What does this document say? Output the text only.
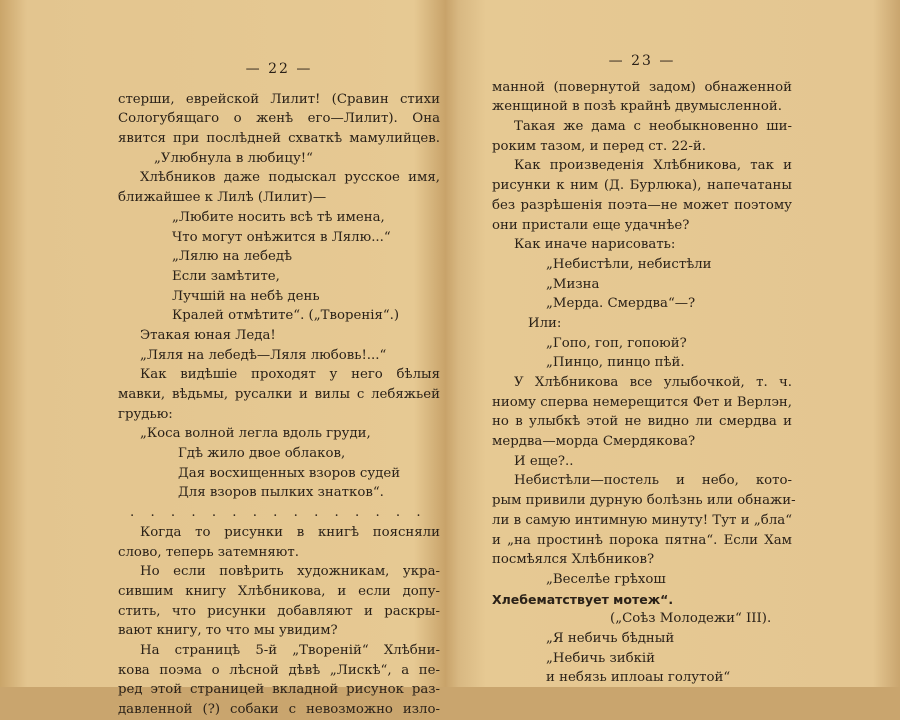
— 22 —
стерши, еврейской Лилит! (Сравин стихи
Сологубящаго о женѣ его—Лилит). Она
явится при послѣдней схваткѣ мамулийцев.
„Улюбнула в любицу!“
Хлѣбников даже подыскал русское имя,
ближайшее к Лилѣ (Лилит)—
„Любите носить всѣ тѣ имена,
Что могут онѣжится в Лялю...“
„Лялю на лебедѣ
Если замѣтите,
Лучшій на небѣ день
Кралей отмѣтите“. („Творенія“.)
Этакая юная Леда!
„Ляля на лебедѣ—Ляля любовь!...“
Как видѣшіе проходят у него бѣлыя
мавки, вѣдьмы, русалки и вилы с лебяжьей
грудью:
„Коса волной легла вдоль груди,
Гдѣ жило двое облаков,
Дая восхищенных взоров судей
Для взоров пылких знатков“.
. . . . . . . . . . . . . . .
Когда то рисунки в книгѣ поясняли
слово, теперь затемняют.
Но если повѣрить художникам, укра-
сившим книгу Хлѣбникова, и если допу-
стить, что рисунки добавляют и раскры-
вают книгу, то что мы увидим?
На страницѣ 5-й „Твореній“ Хлѣбни-
кова поэма о лѣсной дѣвѣ „Лискѣ“, а пе-
ред этой страницей вкладной рисунок раз-
давленной (?) собаки с невозможно изло-
— 23 —
манной (повернутой задом) обнаженной
женщиной в позѣ крайнѣ двумысленной.
Такая же дама с необыкновенно ши-
роким тазом, и перед ст. 22-й.
Как произведенія Хлѣбникова, так и
рисунки к ним (Д. Бурлюка), напечатаны
без разрѣшенія поэта—не может поэтому
они пристали еще удачнѣе?
Как иначе нарисовать:
„Небистѣли, небистѣли
„Мизна
„Мерда. Смердва“—?
Или:
„Гопо, гоп, гопоюй?
„Пинцо, пинцо пѣй.
У Хлѣбникова все улыбочкой, т. ч.
ниому сперва немерещится Фет и Верлэн,
но в улыбкѣ этой не видно ли смердва и
мердва—морда Смердякова?
И еще?..
Небистѣли—постель и небо, кото-
рым привили дурную болѣзнь или обнажи-
ли в самую интимную минуту! Тут и „бла“
и „на простинѣ порока пятна“. Если Хам
посмѣялся Хлѣбников?
„Веселѣе грѣхош
Хлебематствует мотеж“.
(„Соѣз Молодежи“ III).
„Я небичь бѣдный
„Небичь зибкій
и небязь иплоаы голутой“
